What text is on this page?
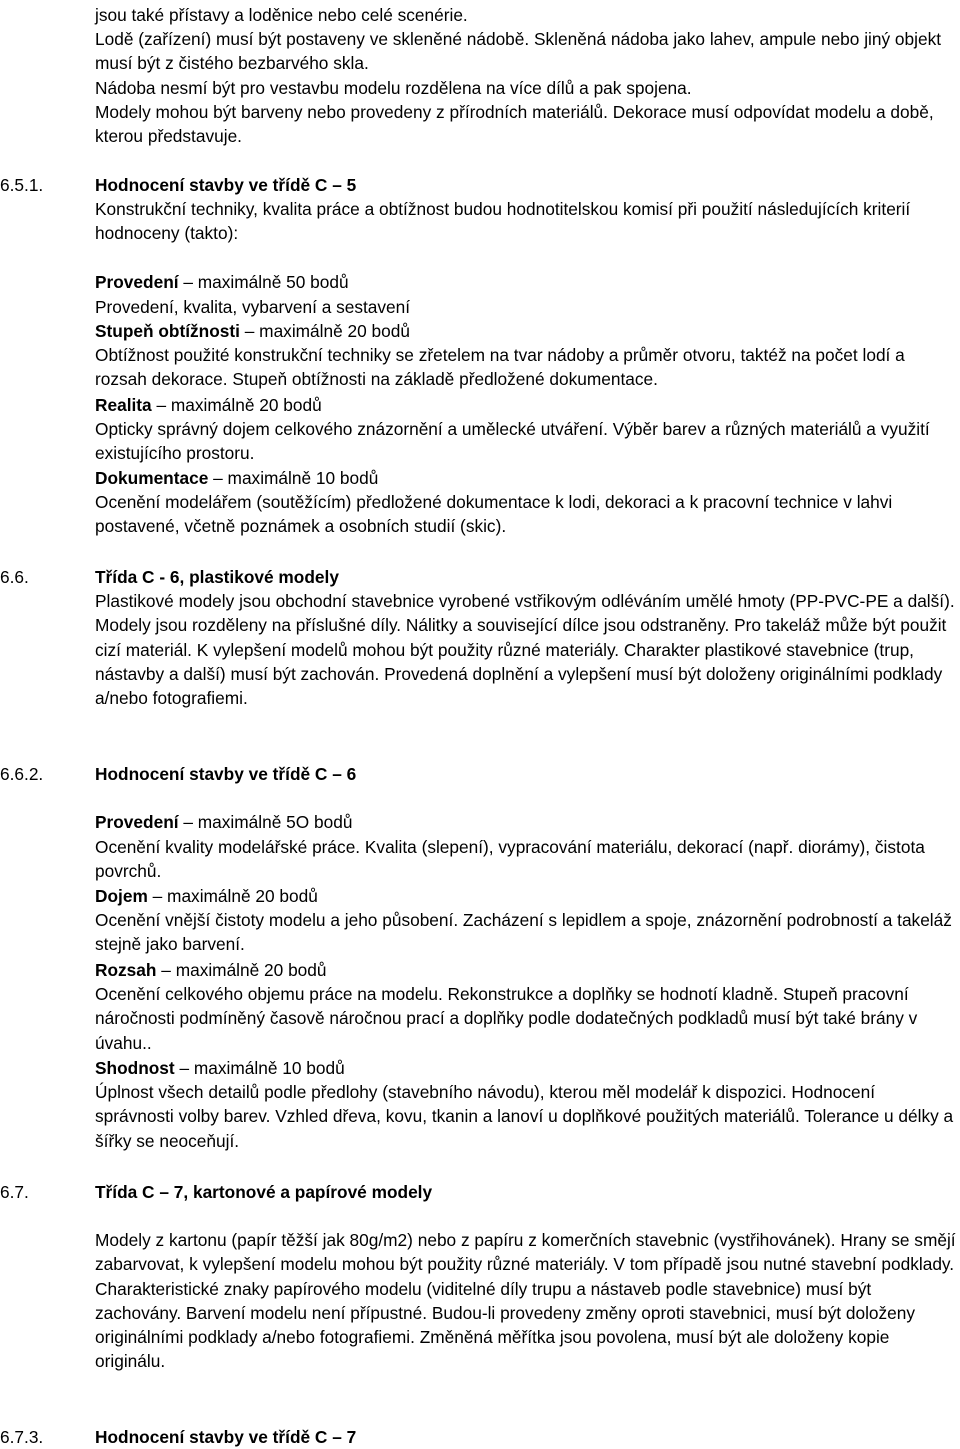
jsou také přístavy a loděnice nebo celé scenérie.

Lodě (zařízení) musí být postaveny ve skleněné nádobě. Skleněná nádoba jako lahev, ampule nebo jiný objekt musí být z čistého bezbarvého skla.

Nádoba nesmí být pro vestavbu modelu rozdělena na více dílů a pak spojena.

Modely mohou být barveny nebo provedeny z přírodních materiálů. Dekorace musí odpovídat modelu a době, kterou představuje.

6.5.1.	Hodnocení stavby ve třídě C – 5

Konstrukční techniky, kvalita práce a obtížnost budou hodnotitelskou komisí při použití následujících kriterií hodnoceny (takto):

Provedení – maximálně 50 bodů

Provedení, kvalita, vybarvení a sestavení

Stupeň obtížnosti – maximálně 20 bodů

Obtížnost použité konstrukční techniky se zřetelem na tvar nádoby a průměr otvoru, taktéž na počet lodí a rozsah dekorace. Stupeň obtížnosti na základě předložené dokumentace.

Realita – maximálně 20 bodů

Opticky správný dojem celkového znázornění a umělecké utváření. Výběr barev a různých materiálů a využití existujícího prostoru.

Dokumentace – maximálně 10 bodů

Ocenění modelářem (soutěžícím) předložené dokumentace k lodi, dekoraci a k pracovní technice v lahvi postavené, včetně poznámek a osobních studií (skic).

6.6.	Třída C - 6, plastikové modely

Plastikové modely jsou obchodní stavebnice vyrobené vstřikovým odléváním umělé hmoty (PP-PVC-PE a další). Modely jsou rozděleny na příslušné díly. Nálitky a související dílce jsou odstraněny. Pro takeláž může být použit cizí materiál. K vylepšení modelů mohou být použity různé materiály. Charakter plastikové stavebnice (trup, nástavby a další) musí být zachován. Provedená doplnění a vylepšení musí být doloženy originálními podklady a/nebo fotografiemi.

6.6.2.	Hodnocení stavby ve třídě C – 6

Provedení – maximálně 5O bodů

Ocenění kvality modelářské práce. Kvalita (slepení), vypracování materiálu, dekorací (např. diorámy), čistota povrchů.

Dojem – maximálně 20 bodů

Ocenění vnější čistoty modelu a jeho působení. Zacházení s lepidlem a spoje, znázornění podrobností a takeláž stejně jako barvení.

Rozsah – maximálně 20 bodů

Ocenění celkového objemu práce na modelu. Rekonstrukce a doplňky se hodnotí kladně. Stupeň pracovní náročnosti podmíněný časově náročnou prací a doplňky podle dodatečných podkladů musí být také brány v úvahu..

Shodnost – maximálně 10 bodů

Úplnost všech detailů podle předlohy (stavebního návodu), kterou měl modelář k dispozici. Hodnocení správnosti volby barev. Vzhled dřeva, kovu, tkanin a lanoví u doplňkové použitých materiálů. Tolerance u délky a šířky se neoceňují.

6.7.	Třída C – 7, kartonové a papírové modely

Modely z kartonu (papír těžší jak 80g/m2) nebo z papíru z komerčních stavebnic (vystřihovánek). Hrany se smějí zabarvovat, k vylepšení modelu mohou být použity různé materiály. V tom případě jsou nutné stavební podklady. Charakteristické znaky papírového modelu (viditelné díly trupu a nástaveb podle stavebnice) musí být zachovány. Barvení modelu není přípustné. Budou-li provedeny změny oproti stavebnici, musí být doloženy originálními podklady a/nebo fotografiemi. Změněná měřítka jsou povolena, musí být ale doloženy kopie originálu.

6.7.3.	Hodnocení stavby ve třídě C – 7
